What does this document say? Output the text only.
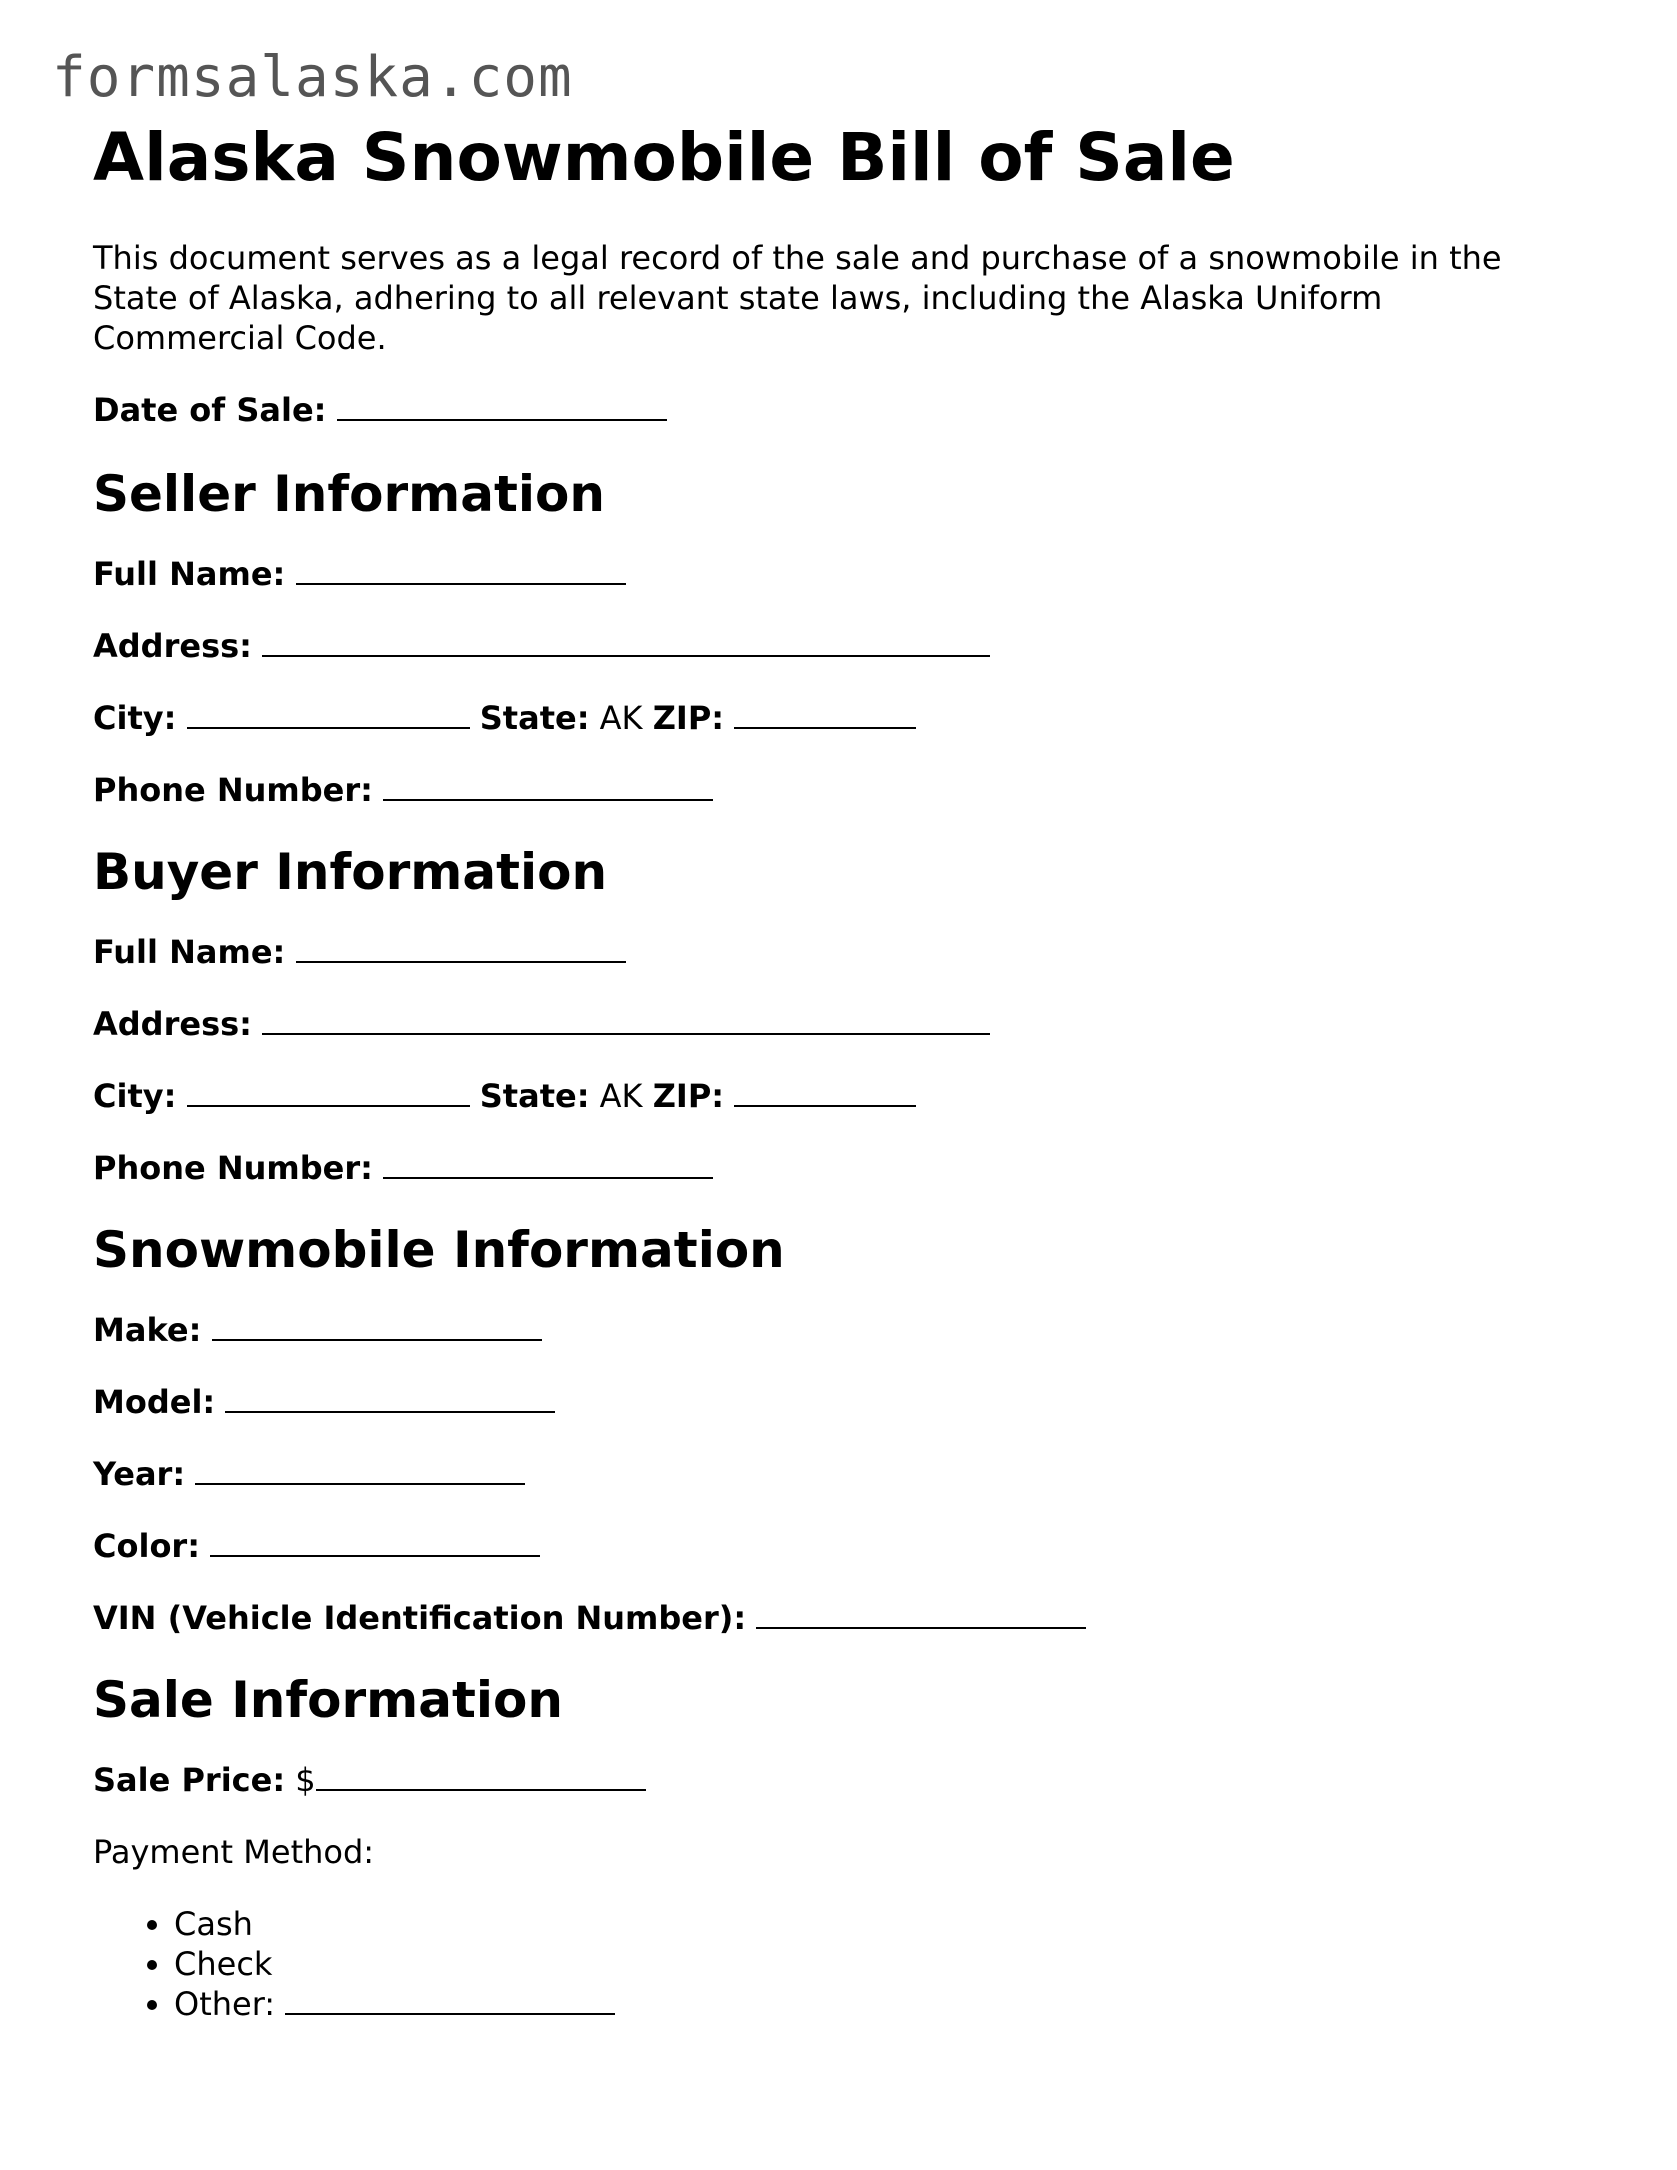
formsalaska.com
Alaska Snowmobile Bill of Sale

This document serves as a legal record of the sale and purchase of a snowmobile in the State of Alaska, adhering to all relevant state laws, including the Alaska Uniform Commercial Code.

Date of Sale:

Seller Information

Full Name:

Address:

City:	State: AK ZIP:

Phone Number:

Buyer Information

Full Name:

Address:

City:	State: AK ZIP:

Phone Number:

Snowmobile Information

Make:

Model:

Year:

Color:

VIN (Vehicle Identification Number):

Sale Information

Sale Price: $

Payment Method:

• Cash
• Check
• Other:
